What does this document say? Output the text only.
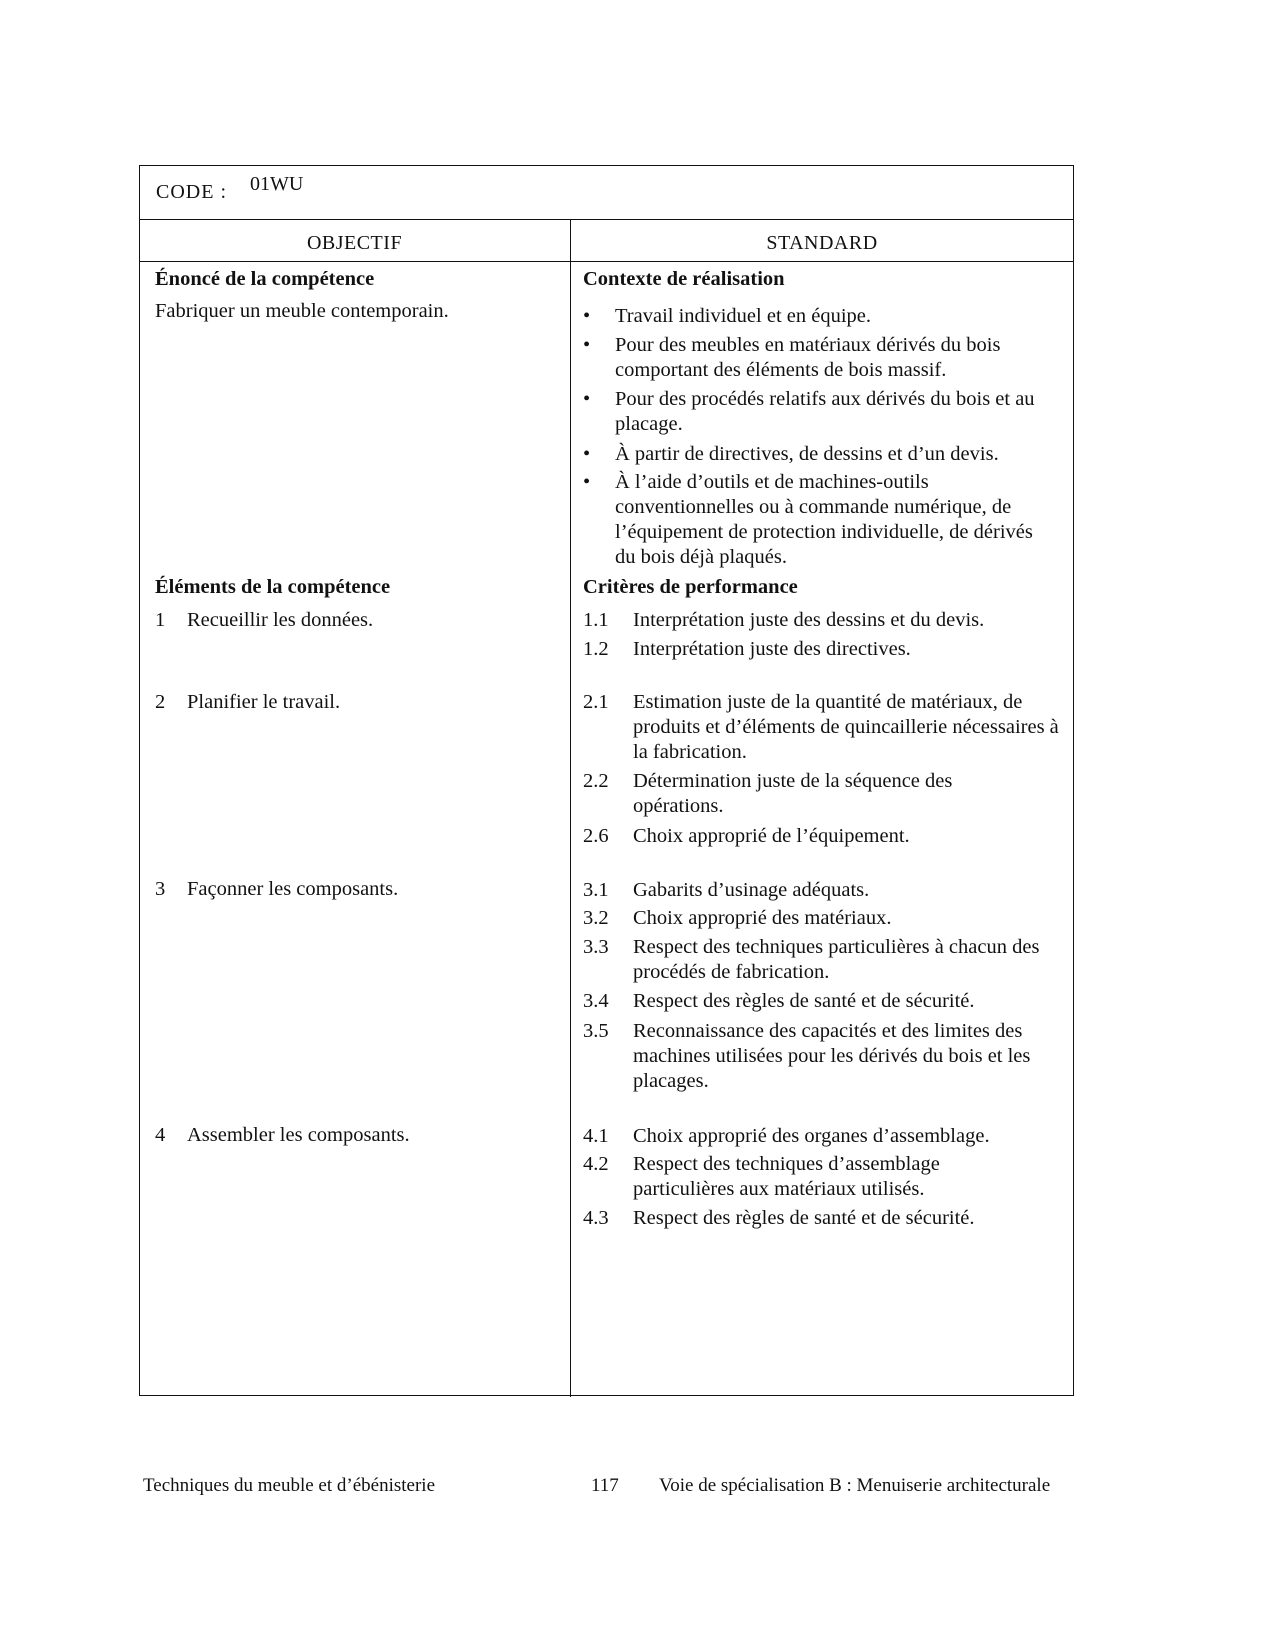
CODE : 01WU
OBJECTIF	STANDARD
Énoncé de la compétence
Fabriquer un meuble contemporain.
Éléments de la compétence
Contexte de réalisation
Critères de performance
• Travail individuel et en équipe.
• Pour des meubles en matériaux dérivés du bois comportant des éléments de bois massif.
• Pour des procédés relatifs aux dérivés du bois et au placage.
• À partir de directives, de dessins et d’un devis.
• À l’aide d’outils et de machines-outils conventionnelles ou à commande numérique, de l’équipement de protection individuelle, de dérivés du bois déjà plaqués.
1 Recueillir les données.
2 Planifier le travail.
3 Façonner les composants.
4 Assembler les composants.
1.1 Interprétation juste des dessins et du devis.
1.2 Interprétation juste des directives.
2.1 Estimation juste de la quantité de matériaux, de produits et d’éléments de quincaillerie nécessaires à la fabrication.
2.2 Détermination juste de la séquence des opérations.
2.6 Choix approprié de l’équipement.
3.1 Gabarits d’usinage adéquats.
3.2 Choix approprié des matériaux.
3.3 Respect des techniques particulières à chacun des procédés de fabrication.
3.4 Respect des règles de santé et de sécurité.
3.5 Reconnaissance des capacités et des limites des machines utilisées pour les dérivés du bois et les placages.
4.1 Choix approprié des organes d’assemblage.
4.2 Respect des techniques d’assemblage particulières aux matériaux utilisés.
4.3 Respect des règles de santé et de sécurité.
Techniques du meuble et d’ébénisterie	117 Voie de spécialisation B : Menuiserie architecturale
